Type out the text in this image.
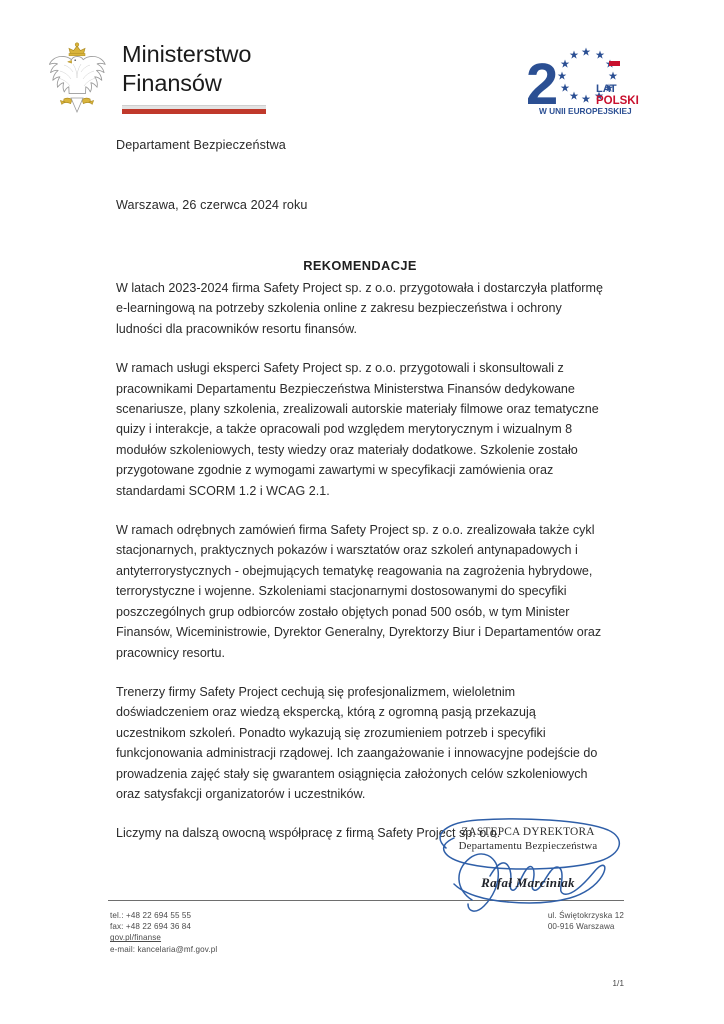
Ministerstwo
Finansów	2	LAT
POLSKI
W UNII EUROPEJSKIEJ
Departament Bezpieczeństwa
Warszawa, 26 czerwca 2024 roku
REKOMENDACJE

W latach 2023-2024 firma Safety Project sp. z o.o. przygotowała i dostarczyła platformę e-learningową na potrzeby szkolenia online z zakresu bezpieczeństwa i ochrony ludności dla pracowników resortu finansów.

W ramach usługi eksperci Safety Project sp. z o.o. przygotowali i skonsultowali z pracownikami Departamentu Bezpieczeństwa Ministerstwa Finansów dedykowane scenariusze, plany szkolenia, zrealizowali autorskie materiały filmowe oraz tematyczne quizy i interakcje, a także opracowali pod względem merytorycznym i wizualnym 8 modułów szkoleniowych, testy wiedzy oraz materiały dodatkowe. Szkolenie zostało przygotowane zgodnie z wymogami zawartymi w specyfikacji zamówienia oraz standardami SCORM 1.2 i WCAG 2.1.

W ramach odrębnych zamówień firma Safety Project sp. z o.o. zrealizowała także cykl stacjonarnych, praktycznych pokazów i warsztatów oraz szkoleń antynapadowych i antyterrorystycznych - obejmujących tematykę reagowania na zagrożenia hybrydowe, terrorystyczne i wojenne. Szkoleniami stacjonarnymi dostosowanymi do specyfiki poszczególnych grup odbiorców zostało objętych ponad 500 osób, w tym Minister Finansów, Wiceministrowie, Dyrektor Generalny, Dyrektorzy Biur i Departamentów oraz pracownicy resortu.

Trenerzy firmy Safety Project cechują się profesjonalizmem, wieloletnim doświadczeniem oraz wiedzą ekspercką, którą z ogromną pasją przekazują uczestnikom szkoleń. Ponadto wykazują się zrozumieniem potrzeb i specyfiki funkcjonowania administracji rządowej. Ich zaangażowanie i innowacyjne podejście do prowadzenia zajęć stały się gwarantem osiągnięcia założonych celów szkoleniowych oraz satysfakcji organizatorów i uczestników.

Liczymy na dalszą owocną współpracę z firmą Safety Project sp. o.o.

ZASTĘPCA DYREKTORA
Departamentu Bezpieczeństwa
Rafał Marciniak
tel.: +48 22 694 55 55
fax: +48 22 694 36 84
gov.pl/finanse
e-mail: kancelaria@mf.gov.pl
ul. Świętokrzyska 12
00-916 Warszawa
1/1
